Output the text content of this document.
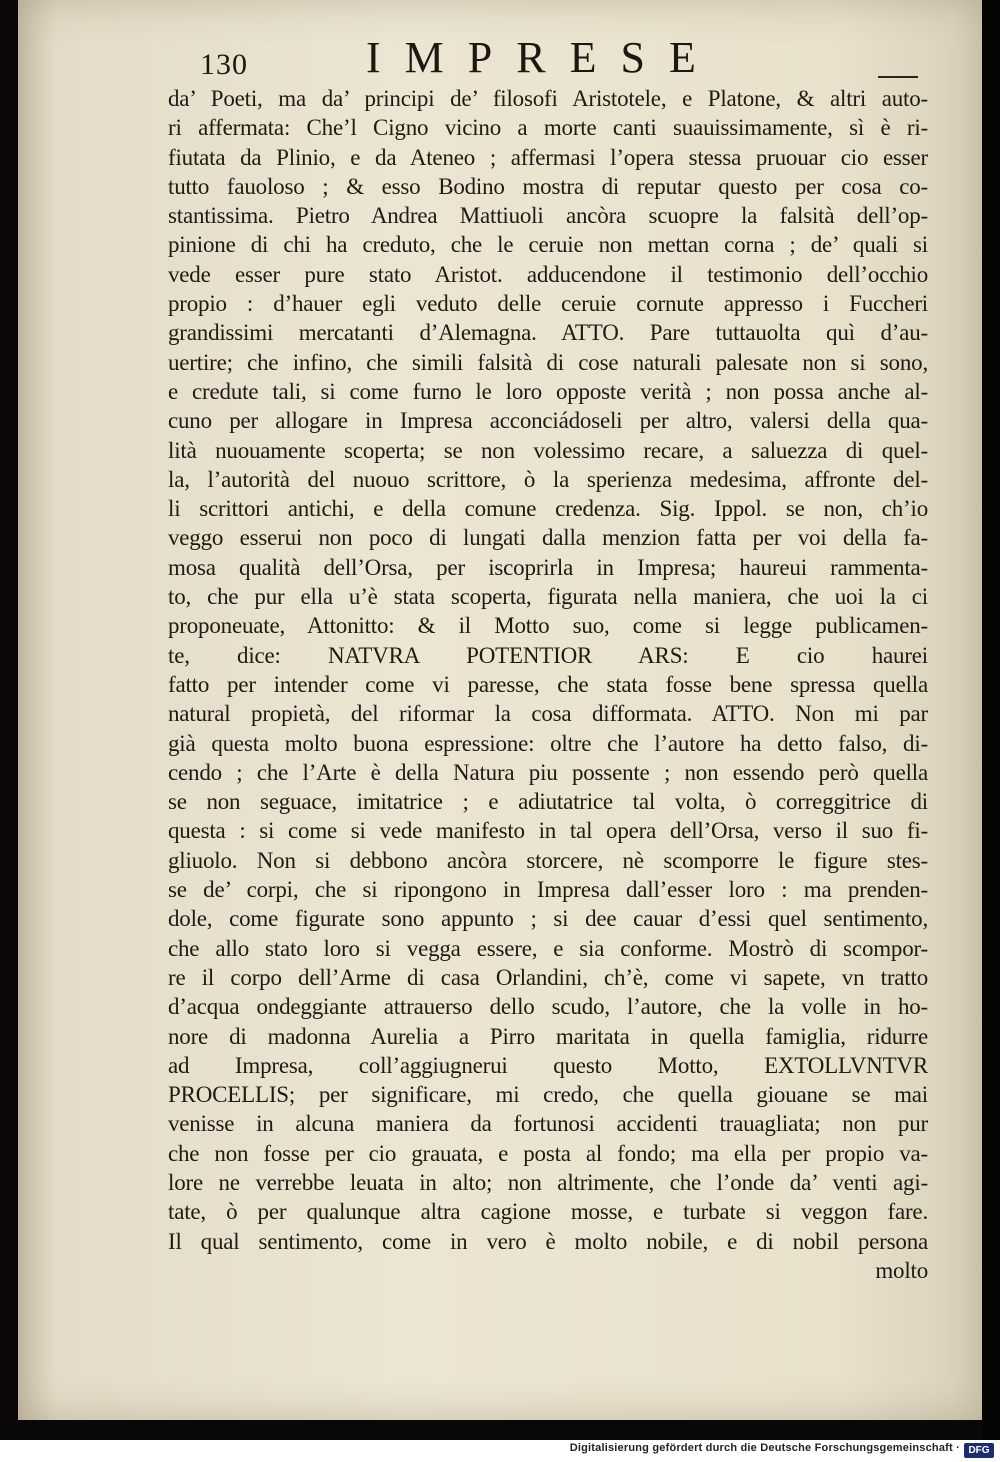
130	IMPRESE
da’ Poeti, ma da’ principi de’ filosofi Aristotele, e Platone, & altri auto-
ri affermata: Che’l Cigno vicino a morte canti suauissimamente, sì è ri-
fiutata da Plinio, e da Ateneo ; affermasi l’opera stessa pruouar cio esser
tutto fauoloso ; & esso Bodino mostra di reputar questo per cosa co-
stantissima. Pietro Andrea Mattiuoli ancòra scuopre la falsità dell’op-
pinione di chi ha creduto, che le ceruie non mettan corna ; de’ quali si
vede esser pure stato Aristot. adducendone il testimonio dell’occhio
propio : d’hauer egli veduto delle ceruie cornute appresso i Fuccheri
grandissimi mercatanti d’Alemagna. ATTO. Pare tuttauolta quì d’au-
uertire; che infino, che simili falsità di cose naturali palesate non si sono,
e credute tali, si come furno le loro opposte verità ; non possa anche al-
cuno per allogare in Impresa acconciádoseli per altro, valersi della qua-
lità nuouamente scoperta; se non volessimo recare, a saluezza di quel-
la, l’autorità del nuouo scrittore, ò la sperienza medesima, affronte del-
li scrittori antichi, e della comune credenza. Sig. Ippol. se non, ch’io
veggo esserui non poco di lungati dalla menzion fatta per voi della fa-
mosa qualità dell’Orsa, per iscoprirla in Impresa; haureui rammenta-
to, che pur ella u’è stata scoperta, figurata nella maniera, che uoi la ci
proponeuate, Attonitto: & il Motto suo, come si legge publicamen-
te, dice: NATVRA POTENTIOR ARS: E cio haurei
fatto per intender come vi paresse, che stata fosse bene spressa quella
natural propietà, del riformar la cosa difformata. ATTO. Non mi par
già questa molto buona espressione: oltre che l’autore ha detto falso, di-
cendo ; che l’Arte è della Natura piu possente ; non essendo però quella
se non seguace, imitatrice ; e adiutatrice tal volta, ò correggitrice di
questa : si come si vede manifesto in tal opera dell’Orsa, verso il suo fi-
gliuolo. Non si debbono ancòra storcere, nè scomporre le figure stes-
se de’ corpi, che si ripongono in Impresa dall’esser loro : ma prenden-
dole, come figurate sono appunto ; si dee cauar d’essi quel sentimento,
che allo stato loro si vegga essere, e sia conforme. Mostrò di scompor-
re il corpo dell’Arme di casa Orlandini, ch’è, come vi sapete, vn tratto
d’acqua ondeggiante attrauerso dello scudo, l’autore, che la volle in ho-
nore di madonna Aurelia a Pirro maritata in quella famiglia, ridurre
ad Impresa, coll’aggiugnerui questo Motto, EXTOLLVNTVR
PROCELLIS; per significare, mi credo, che quella giouane se mai
venisse in alcuna maniera da fortunosi accidenti trauagliata; non pur
che non fosse per cio grauata, e posta al fondo; ma ella per propio va-
lore ne verrebbe leuata in alto; non altrimente, che l’onde da’ venti agi-
tate, ò per qualunque altra cagione mosse, e turbate si veggon fare.
Il qual sentimento, come in vero è molto nobile, e di nobil persona
molto
Digitalisierung gefördert durch die Deutsche Forschungsgemeinschaft · DFG
